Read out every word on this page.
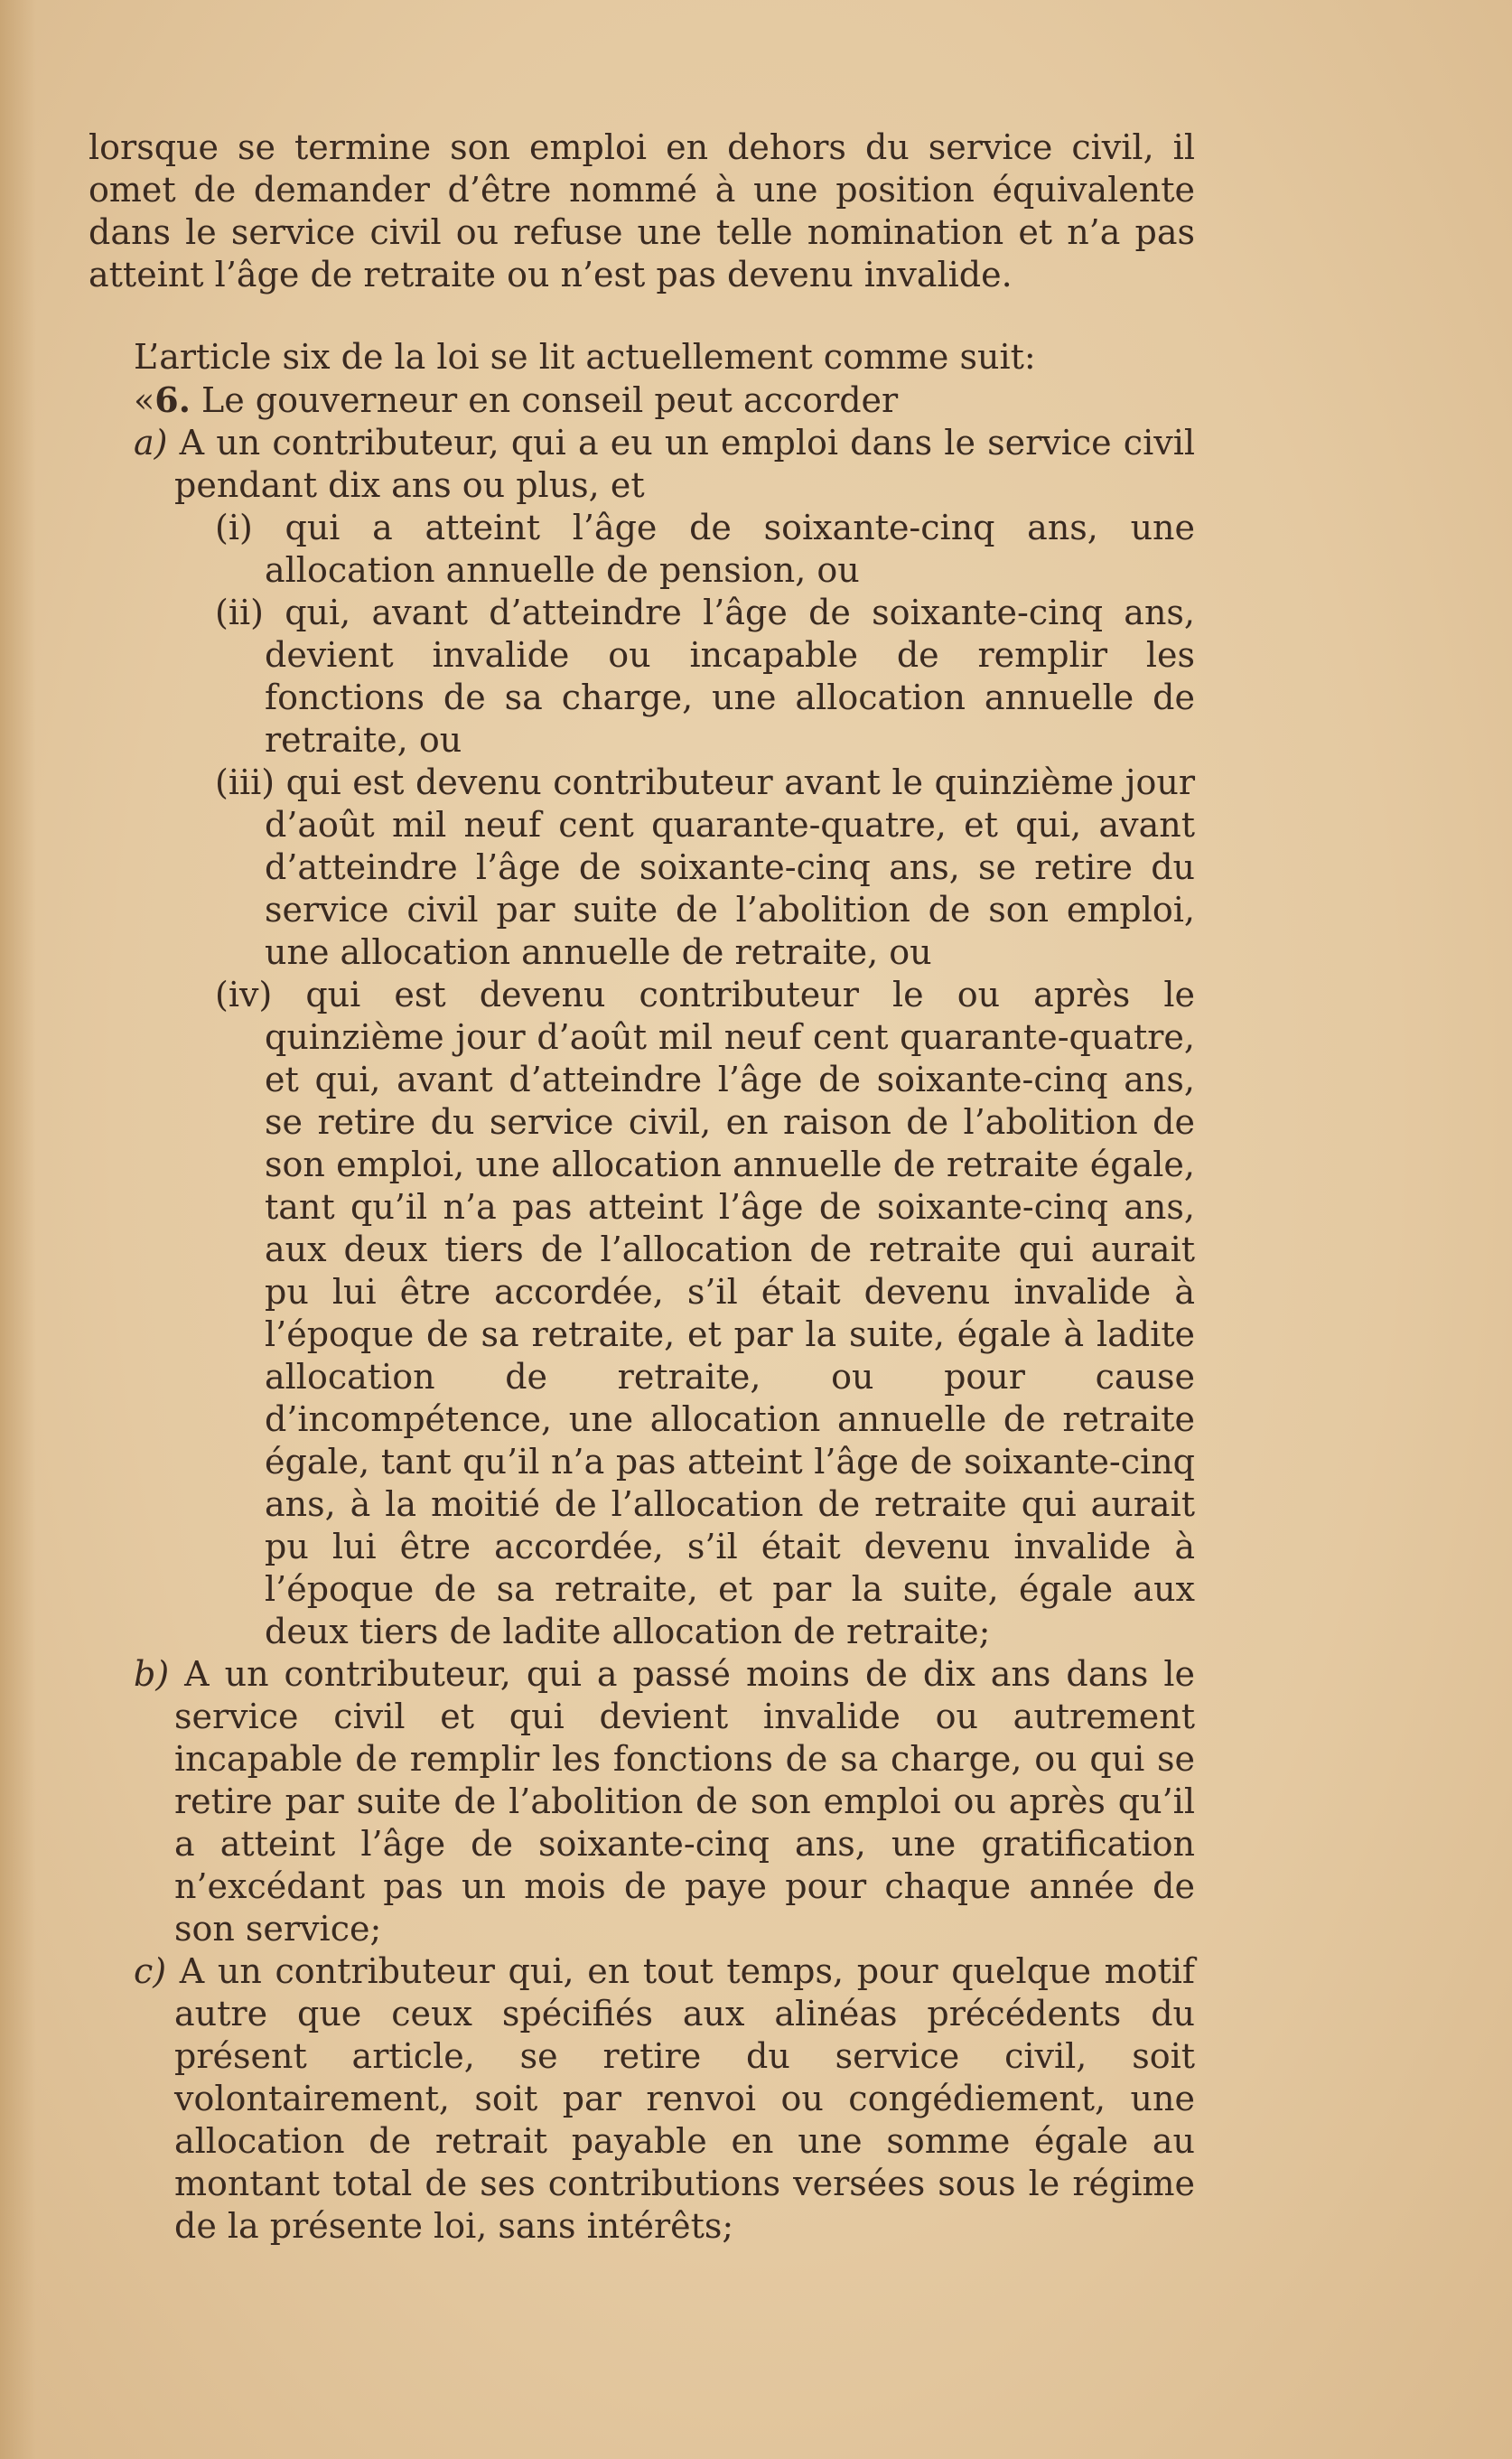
lorsque se termine son emploi en dehors du service civil, il omet de demander d’être nommé à une position équivalente dans le service civil ou refuse une telle nomination et n’a pas atteint l’âge de retraite ou n’est pas devenu invalide.

L’article six de la loi se lit actuellement comme suit:

«6. Le gouverneur en conseil peut accorder

a) A un contributeur, qui a eu un emploi dans le service civil pendant dix ans ou plus, et

(i) qui a atteint l’âge de soixante-cinq ans, une allocation annuelle de pension, ou

(ii) qui, avant d’atteindre l’âge de soixante-cinq ans, devient invalide ou incapable de remplir les fonctions de sa charge, une allocation annuelle de retraite, ou

(iii) qui est devenu contributeur avant le quinzième jour d’août mil neuf cent quarante-quatre, et qui, avant d’atteindre l’âge de soixante-cinq ans, se retire du service civil par suite de l’abolition de son emploi, une allocation annuelle de retraite, ou

(iv) qui est devenu contributeur le ou après le quinzième jour d’août mil neuf cent quarante-quatre, et qui, avant d’atteindre l’âge de soixante-cinq ans, se retire du service civil, en raison de l’abolition de son emploi, une allocation annuelle de retraite égale, tant qu’il n’a pas atteint l’âge de soixante-cinq ans, aux deux tiers de l’allocation de retraite qui aurait pu lui être accordée, s’il était devenu invalide à l’époque de sa retraite, et par la suite, égale à ladite allocation de retraite, ou pour cause d’incompétence, une allocation annuelle de retraite égale, tant qu’il n’a pas atteint l’âge de soixante-cinq ans, à la moitié de l’allocation de retraite qui aurait pu lui être accordée, s’il était devenu invalide à l’époque de sa retraite, et par la suite, égale aux deux tiers de ladite allocation de retraite;

b) A un contributeur, qui a passé moins de dix ans dans le service civil et qui devient invalide ou autrement incapable de remplir les fonctions de sa charge, ou qui se retire par suite de l’abolition de son emploi ou après qu’il a atteint l’âge de soixante-cinq ans, une gratification n’excédant pas un mois de paye pour chaque année de son service;

c) A un contributeur qui, en tout temps, pour quelque motif autre que ceux spécifiés aux alinéas précédents du présent article, se retire du service civil, soit volontairement, soit par renvoi ou congédiement, une allocation de retrait payable en une somme égale au montant total de ses contributions versées sous le régime de la présente loi, sans intérêts;
